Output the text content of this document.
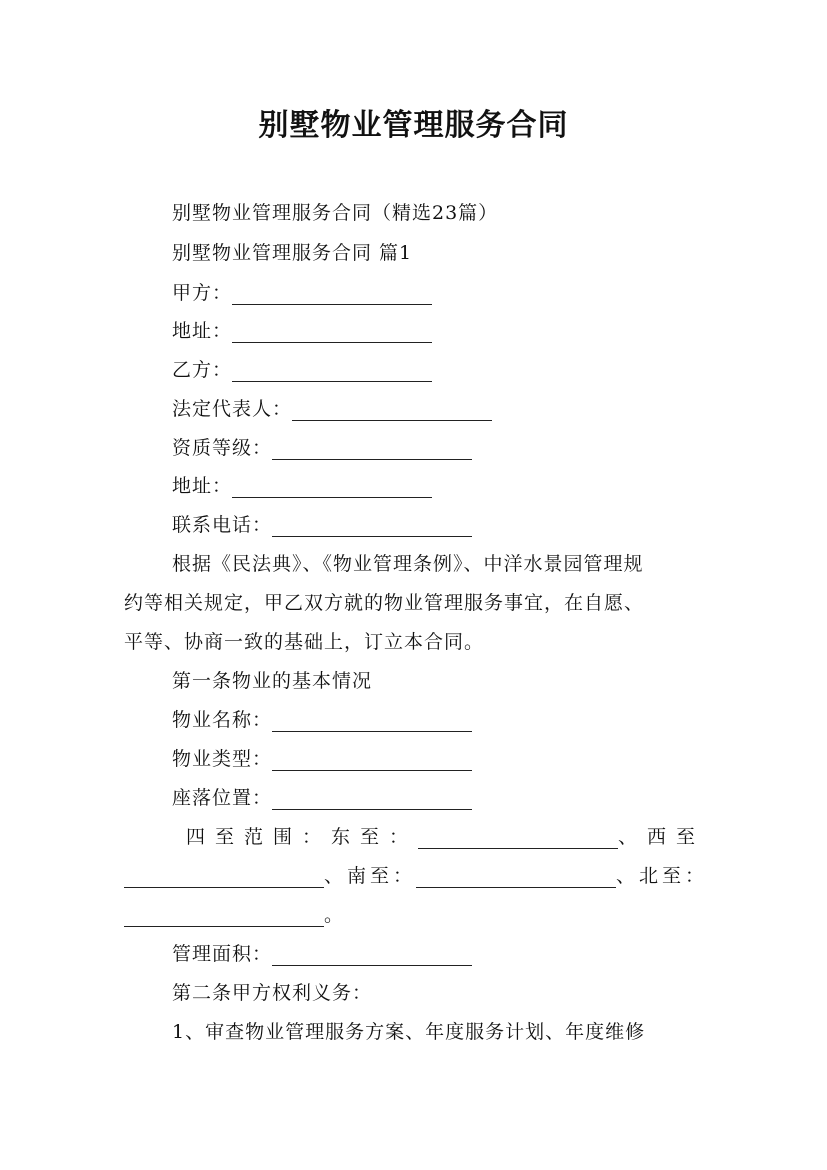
别墅物业管理服务合同
别墅物业管理服务合同（精选23篇）
别墅物业管理服务合同 篇1
甲方：
地址：
乙方：
法定代表人：
资质等级：
地址：
联系电话：
根据《民法典》、《物业管理条例》、中洋水景园管理规
约等相关规定，甲乙双方就的物业管理服务事宜，在自愿、
平等、协商一致的基础上，订立本合同。
第一条物业的基本情况
物业名称：
物业类型：
座落位置：
四至范围：东至：	、西至
、南至：	、北至：
。
管理面积：
第二条甲方权利义务：
1、审查物业管理服务方案、年度服务计划、年度维修
